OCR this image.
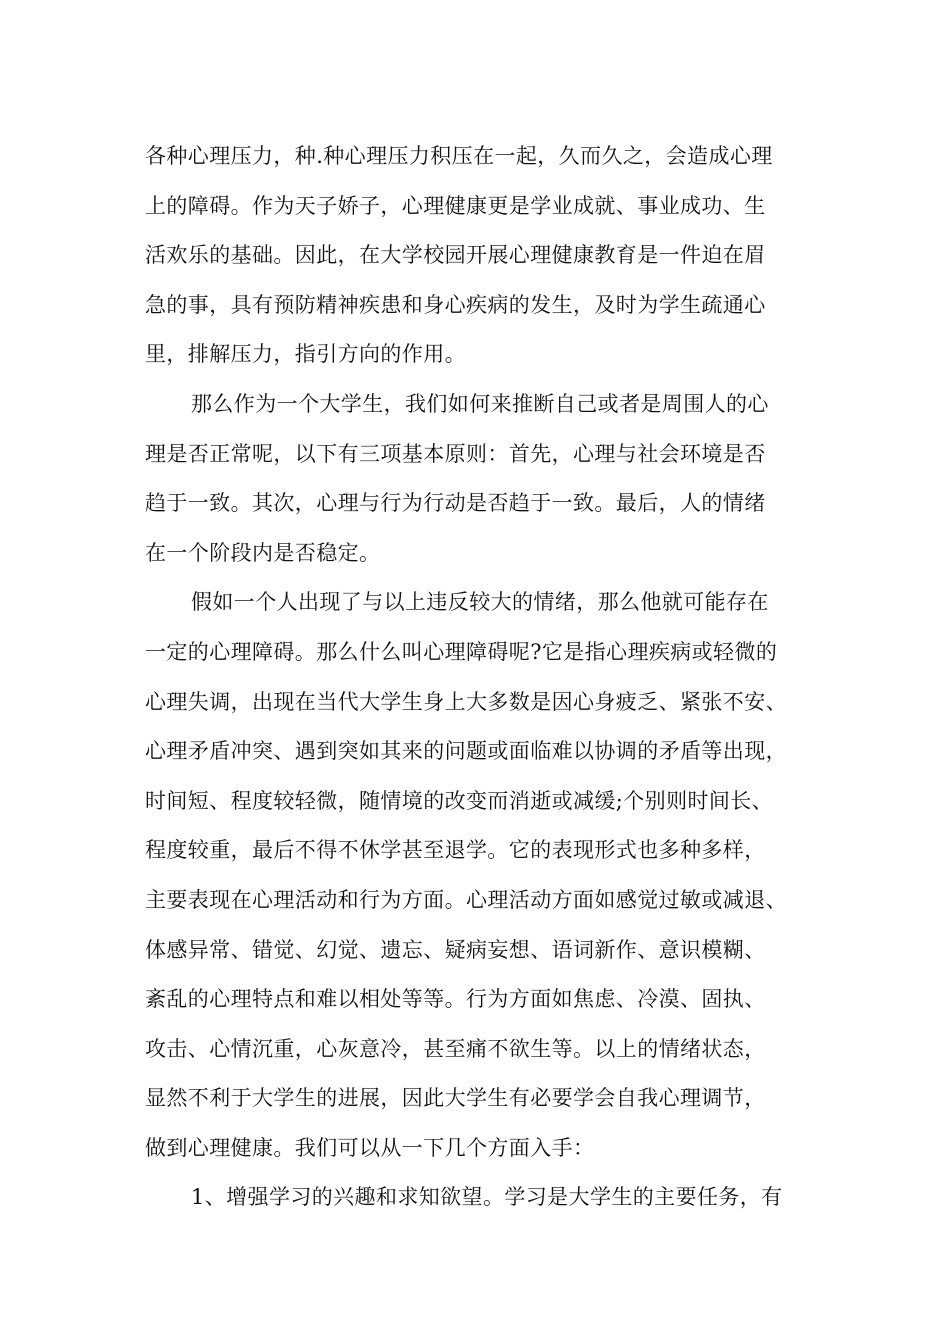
各种心理压力，种.种心理压力积压在一起，久而久之，会造成心理
上的障碍。作为天子娇子，心理健康更是学业成就、事业成功、生
活欢乐的基础。因此，在大学校园开展心理健康教育是一件迫在眉
急的事，具有预防精神疾患和身心疾病的发生，及时为学生疏通心
里，排解压力，指引方向的作用。
那么作为一个大学生，我们如何来推断自己或者是周围人的心
理是否正常呢，以下有三项基本原则：首先，心理与社会环境是否
趋于一致。其次，心理与行为行动是否趋于一致。最后，人的情绪
在一个阶段内是否稳定。
假如一个人出现了与以上违反较大的情绪，那么他就可能存在
一定的心理障碍。那么什么叫心理障碍呢?它是指心理疾病或轻微的
心理失调，出现在当代大学生身上大多数是因心身疲乏、紧张不安、
心理矛盾冲突、遇到突如其来的问题或面临难以协调的矛盾等出现，
时间短、程度较轻微，随情境的改变而消逝或减缓;个别则时间长、
程度较重，最后不得不休学甚至退学。它的表现形式也多种多样，
主要表现在心理活动和行为方面。心理活动方面如感觉过敏或减退、
体感异常、错觉、幻觉、遗忘、疑病妄想、语词新作、意识模糊、
紊乱的心理特点和难以相处等等。行为方面如焦虑、冷漠、固执、
攻击、心情沉重，心灰意冷，甚至痛不欲生等。以上的情绪状态，
显然不利于大学生的进展，因此大学生有必要学会自我心理调节，
做到心理健康。我们可以从一下几个方面入手：
1、增强学习的兴趣和求知欲望。学习是大学生的主要任务，有
